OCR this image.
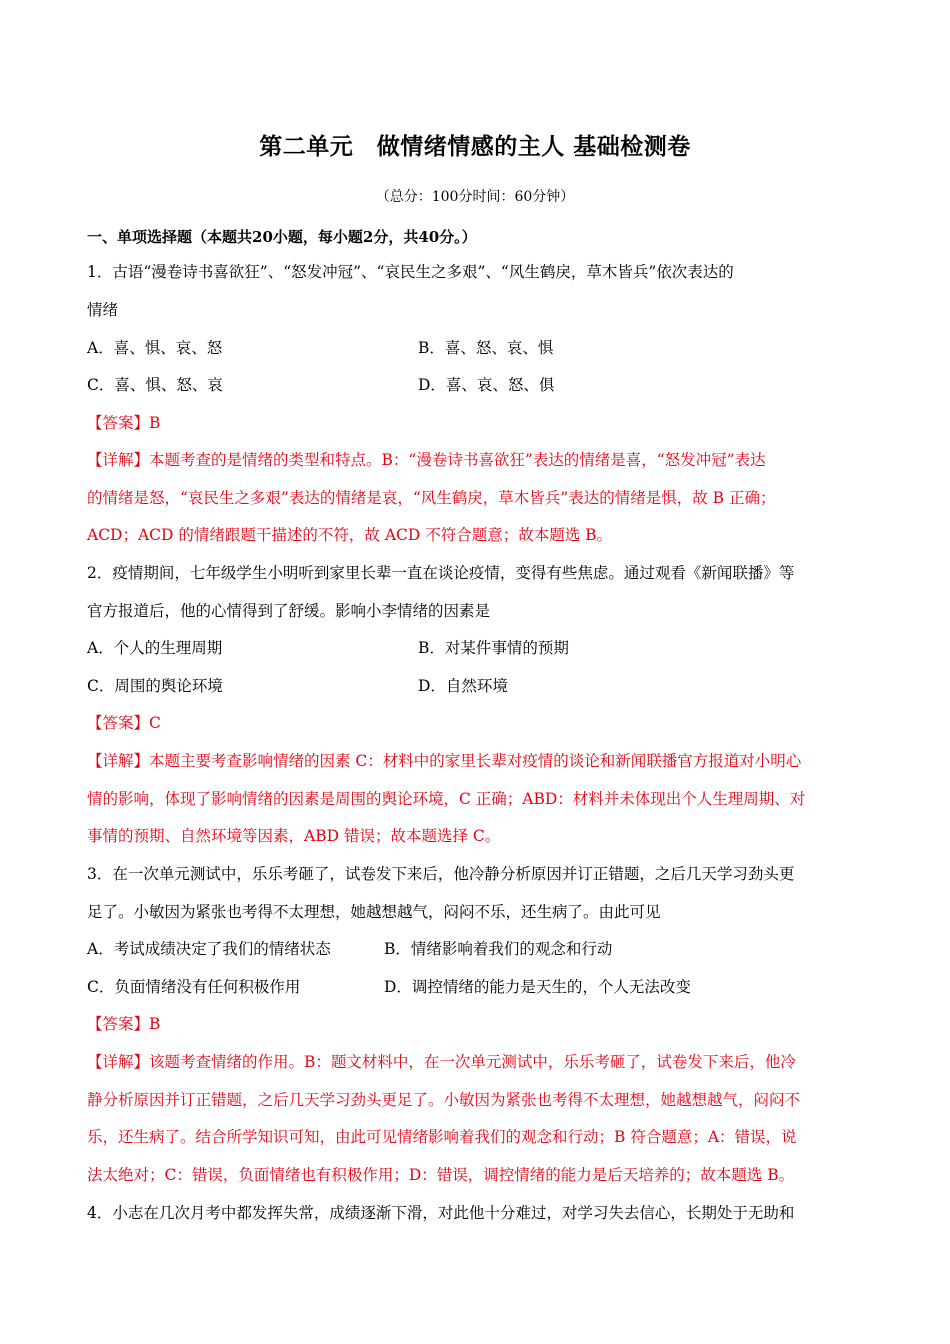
第二单元　做情绪情感的主人 基础检测卷
（总分：100分时间：60分钟）
一、单项选择题（本题共20小题，每小题2分，共40分。）
1．古语“漫卷诗书喜欲狂”、“怒发冲冠”、“哀民生之多艰”、“风生鹤戾，草木皆兵”依次表达的
情绪
A．喜、惧、哀、怒	B．喜、怒、哀、惧
C．喜、惧、怒、哀	D．喜、哀、怒、俱
【答案】B
【详解】本题考查的是情绪的类型和特点。B：“漫卷诗书喜欲狂”表达的情绪是喜，“怒发冲冠”表达
的情绪是怒，“哀民生之多艰”表达的情绪是哀，“风生鹤戾，草木皆兵”表达的情绪是惧，故 B 正确；
ACD；ACD 的情绪跟题干描述的不符，故 ACD 不符合题意；故本题选 B。
2．疫情期间，七年级学生小明听到家里长辈一直在谈论疫情，变得有些焦虑。通过观看《新闻联播》等
官方报道后，他的心情得到了舒缓。影响小李情绪的因素是
A．个人的生理周期	B．对某件事情的预期
C．周围的舆论环境	D．自然环境
【答案】C
【详解】本题主要考查影响情绪的因素 C：材料中的家里长辈对疫情的谈论和新闻联播官方报道对小明心
情的影响，体现了影响情绪的因素是周围的舆论环境，C 正确；ABD：材料并未体现出个人生理周期、对
事情的预期、自然环境等因素，ABD 错误；故本题选择 C。
3．在一次单元测试中，乐乐考砸了，试卷发下来后，他冷静分析原因并订正错题，之后几天学习劲头更
足了。小敏因为紧张也考得不太理想，她越想越气，闷闷不乐，还生病了。由此可见
A．考试成绩决定了我们的情绪状态	B．情绪影响着我们的观念和行动
C．负面情绪没有任何积极作用	D．调控情绪的能力是天生的，个人无法改变
【答案】B
【详解】该题考查情绪的作用。B：题文材料中，在一次单元测试中，乐乐考砸了，试卷发下来后，他冷
静分析原因并订正错题，之后几天学习劲头更足了。小敏因为紧张也考得不太理想，她越想越气，闷闷不
乐，还生病了。结合所学知识可知，由此可见情绪影响着我们的观念和行动；B 符合题意；A：错误，说
法太绝对；C：错误，负面情绪也有积极作用；D：错误，调控情绪的能力是后天培养的；故本题选 B。
4．小志在几次月考中都发挥失常，成绩逐渐下滑，对此他十分难过，对学习失去信心，长期处于无助和
